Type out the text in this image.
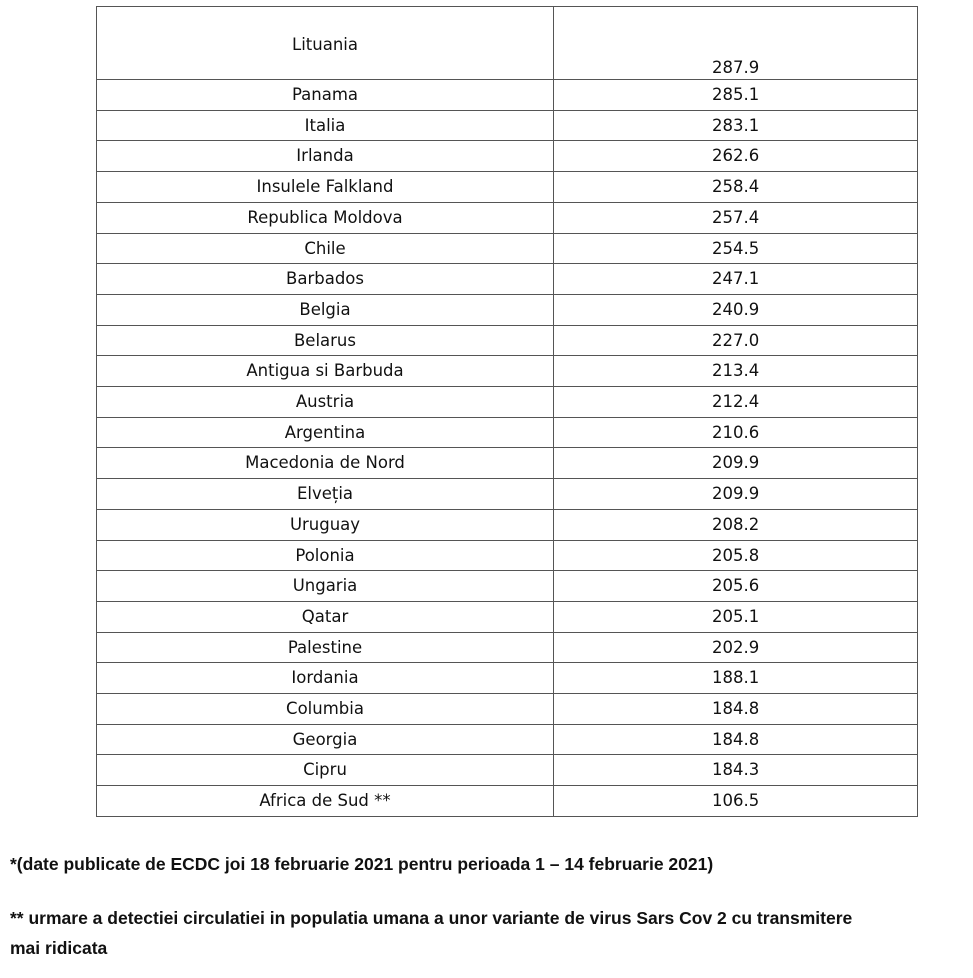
Lituania	287.9
Panama	285.1
Italia	283.1
Irlanda	262.6
Insulele Falkland	258.4
Republica Moldova	257.4
Chile	254.5
Barbados	247.1
Belgia	240.9
Belarus	227.0
Antigua si Barbuda	213.4
Austria	212.4
Argentina	210.6
Macedonia de Nord	209.9
Elveția	209.9
Uruguay	208.2
Polonia	205.8
Ungaria	205.6
Qatar	205.1
Palestine	202.9
Iordania	188.1
Columbia	184.8
Georgia	184.8
Cipru	184.3
Africa de Sud **	106.5
*(date publicate de ECDC joi 18 februarie 2021 pentru perioada 1 – 14 februarie 2021)
** urmare a detectiei circulatiei in populatia umana a unor variante de virus Sars Cov 2 cu transmitere
mai ridicata
